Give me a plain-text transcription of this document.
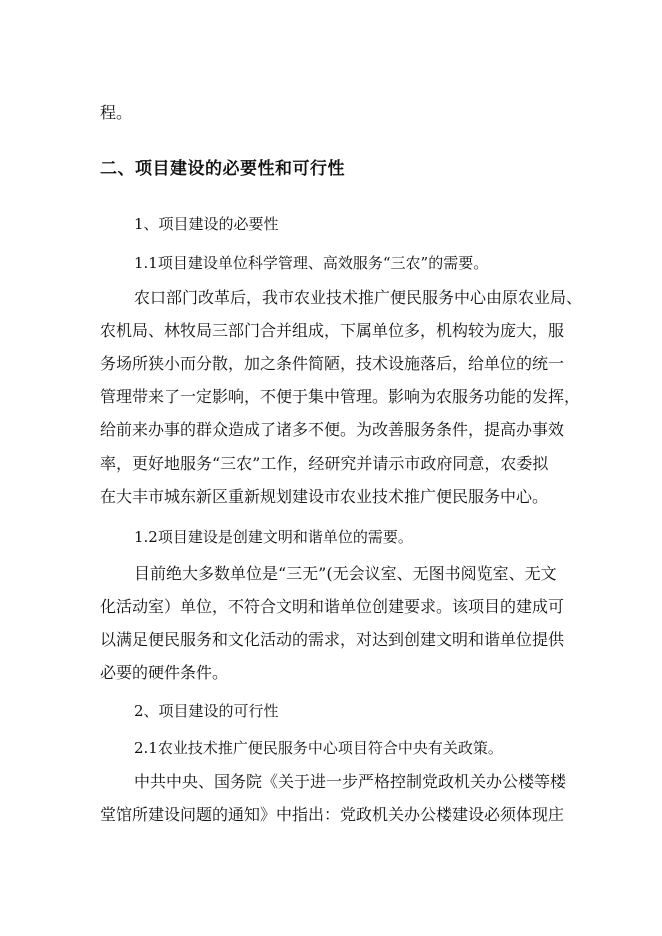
程。
二、项目建设的必要性和可行性
1、项目建设的必要性
1.1项目建设单位科学管理、高效服务“三农”的需要。
农口部门改革后，我市农业技术推广便民服务中心由原农业局、
农机局、林牧局三部门合并组成，下属单位多，机构较为庞大，服
务场所狭小而分散，加之条件简陋，技术设施落后，给单位的统一
管理带来了一定影响，不便于集中管理。影响为农服务功能的发挥，
给前来办事的群众造成了诸多不便。为改善服务条件，提高办事效
率，更好地服务“三农”工作，经研究并请示市政府同意，农委拟
在大丰市城东新区重新规划建设市农业技术推广便民服务中心。
1.2项目建设是创建文明和谐单位的需要。
目前绝大多数单位是“三无”(无会议室、无图书阅览室、无文
化活动室）单位，不符合文明和谐单位创建要求。该项目的建成可
以满足便民服务和文化活动的需求，对达到创建文明和谐单位提供
必要的硬件条件。
2、项目建设的可行性
2.1农业技术推广便民服务中心项目符合中央有关政策。
中共中央、国务院《关于进一步严格控制党政机关办公楼等楼
堂馆所建设问题的通知》中指出：党政机关办公楼建设必须体现庄
